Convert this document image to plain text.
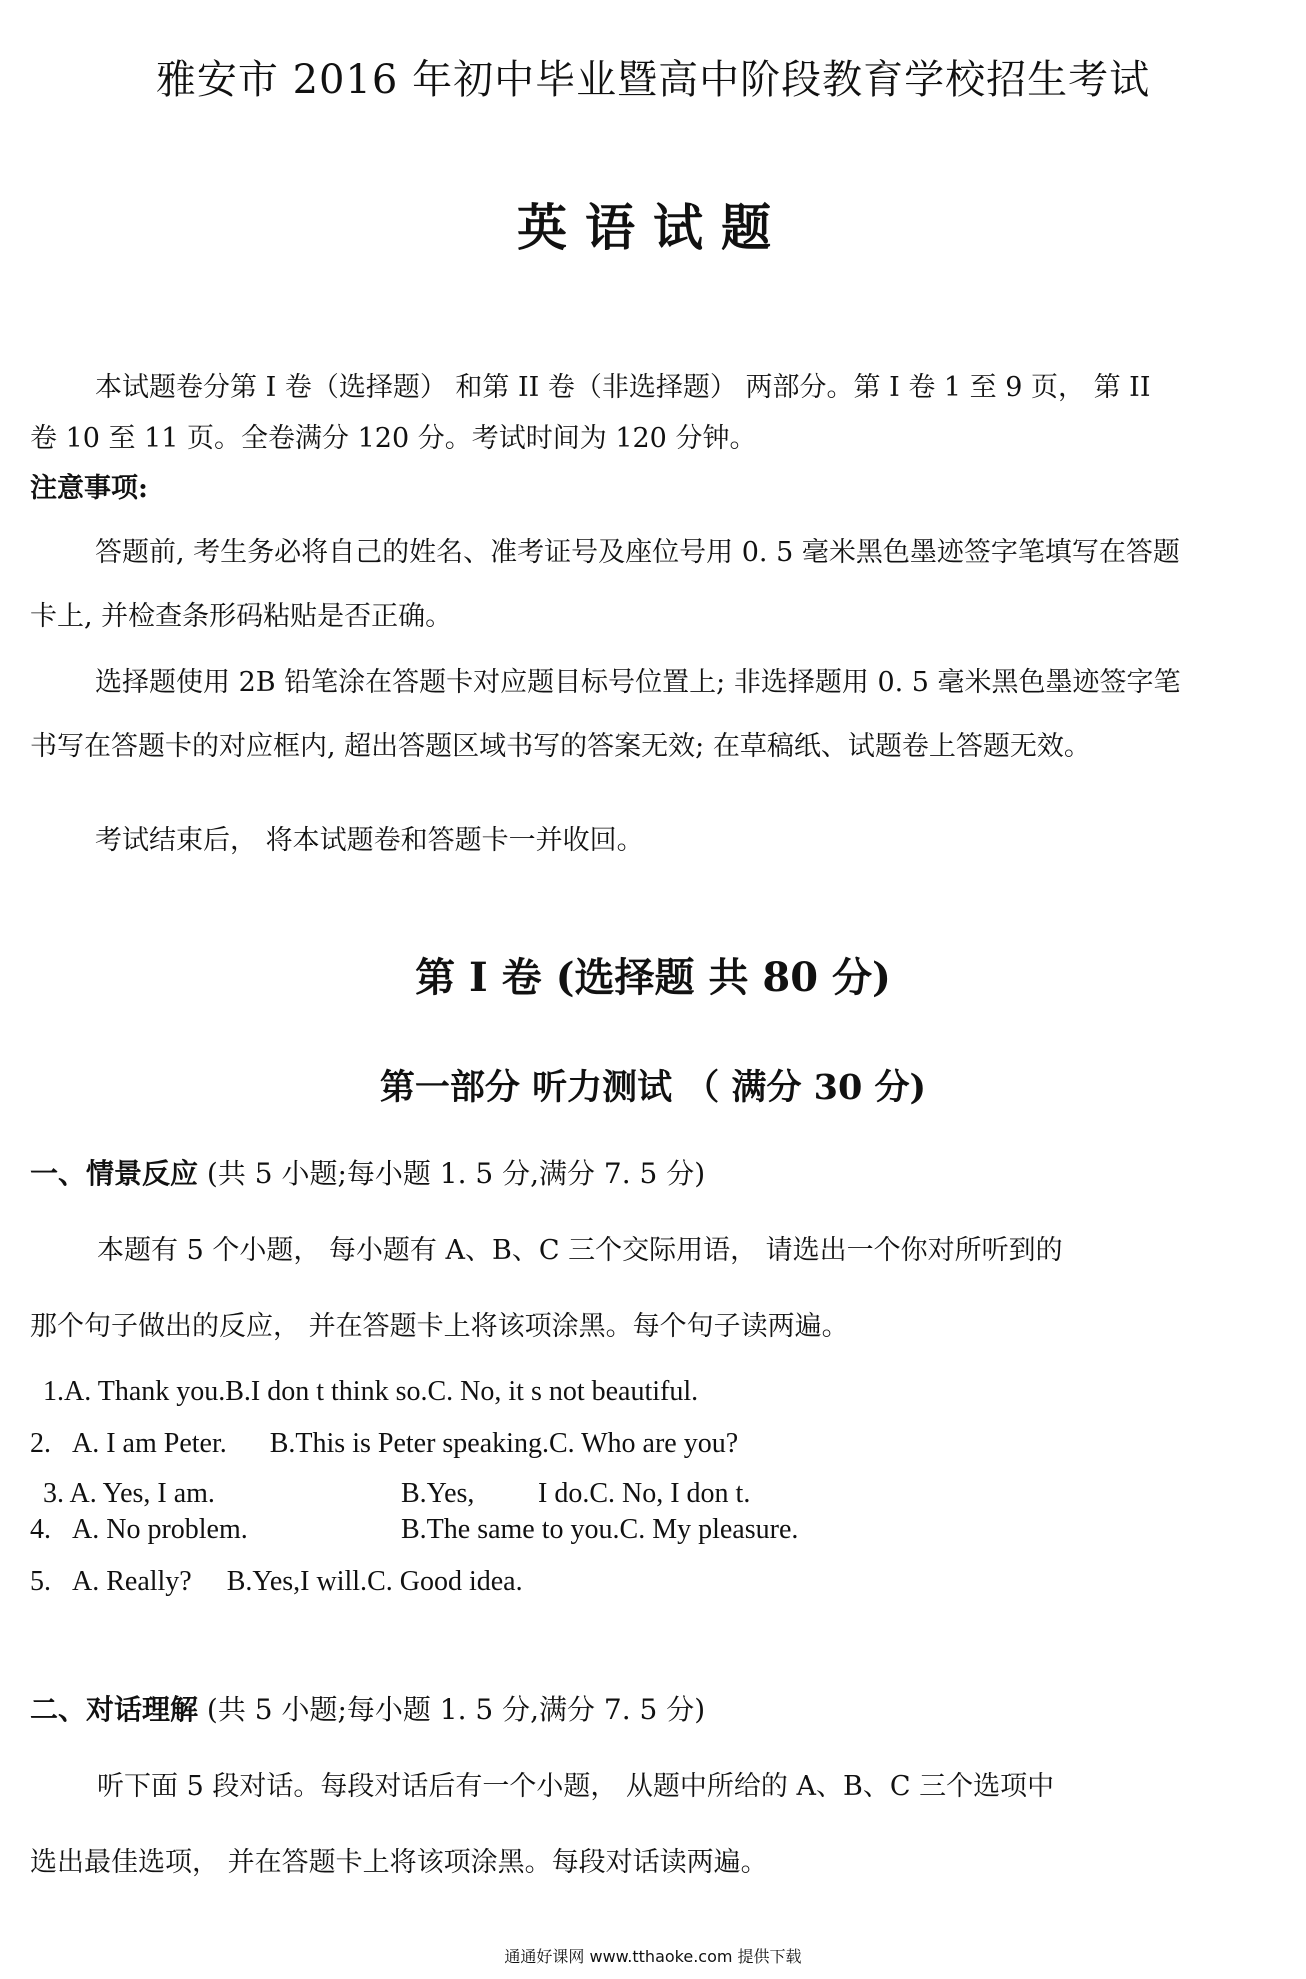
雅安市 2016 年初中毕业暨高中阶段教育学校招生考试
英语试题
本试题卷分第 I 卷（选择题） 和第 II 卷（非选择题） 两部分。第 I 卷 1 至 9 页， 第 II
卷 10 至 11 页。全卷满分 120 分。考试时间为 120 分钟。
注意事项:
答题前, 考生务必将自己的姓名、准考证号及座位号用 0. 5 毫米黑色墨迹签字笔填写在答题
卡上, 并检查条形码粘贴是否正确。
选择题使用 2B 铅笔涂在答题卡对应题目标号位置上; 非选择题用 0. 5 毫米黑色墨迹签字笔
书写在答题卡的对应框内, 超出答题区域书写的答案无效; 在草稿纸、试题卷上答题无效。
考试结束后， 将本试题卷和答题卡一并收回。
第 I 卷 (选择题 共 80 分)
第一部分 听力测试 （ 满分 30 分)
一、情景反应 (共 5 小题;每小题 1. 5 分,满分 7. 5 分)
本题有 5 个小题， 每小题有 A、B、C 三个交际用语， 请选出一个你对所听到的
那个句子做出的反应， 并在答题卡上将该项涂黑。每个句子读两遍。
1.A. Thank you.B.I don t think so.C. No, it s not beautiful.
2. A. I am Peter. B.This is Peter speaking.C. Who are you?
3. A. Yes, I am.	B.Yes, I do.C. No, I don t.
4. A. No problem.	B.The same to you.C. My pleasure.
5. A. Really? B.Yes,I will.C. Good idea.
二、对话理解 (共 5 小题;每小题 1. 5 分,满分 7. 5 分)
听下面 5 段对话。每段对话后有一个小题， 从题中所给的 A、B、C 三个选项中
选出最佳选项， 并在答题卡上将该项涂黑。每段对话读两遍。
通通好课网 www.tthaoke.com 提供下载
